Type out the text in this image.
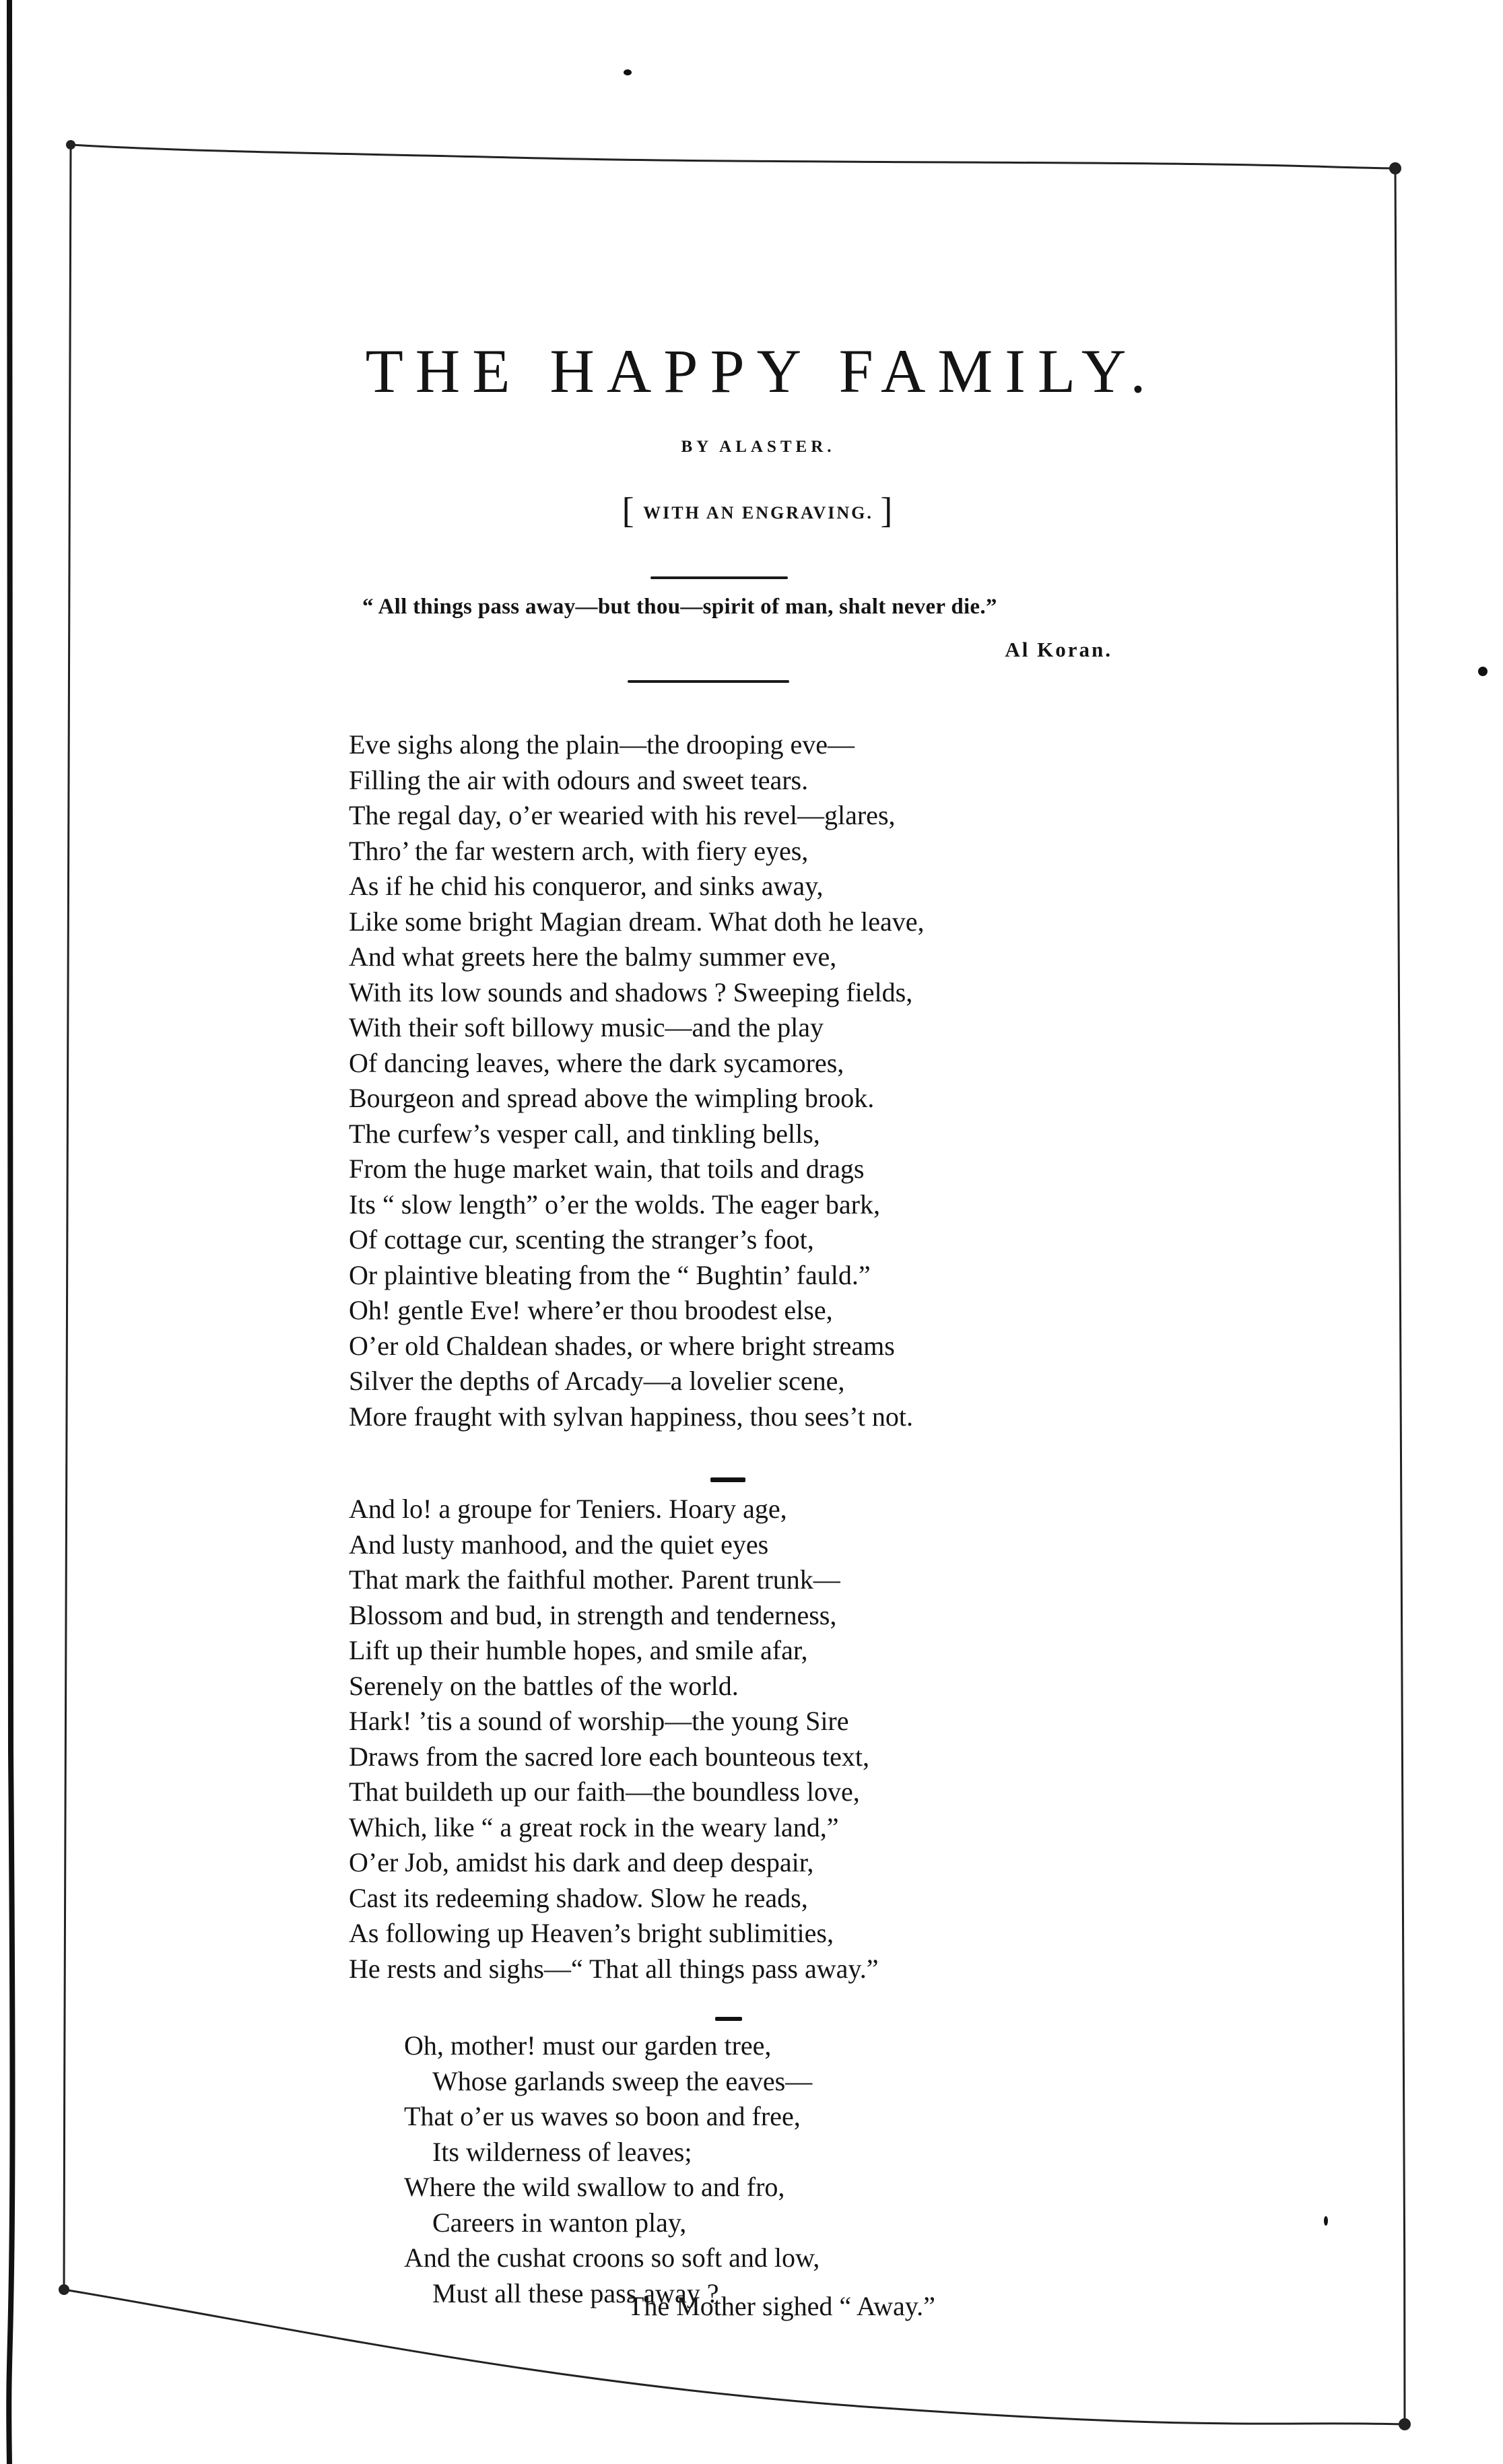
THE HAPPY FAMILY.
BY ALASTER.
[ WITH AN ENGRAVING. ]
“ All things pass away—but thou—spirit of man, shalt never die.”
Al Koran.
Eve sighs along the plain—the drooping eve—
Filling the air with odours and sweet tears.
The regal day, o’er wearied with his revel—glares,
Thro’ the far western arch, with fiery eyes,
As if he chid his conqueror, and sinks away,
Like some bright Magian dream. What doth he leave,
And what greets here the balmy summer eve,
With its low sounds and shadows ? Sweeping fields,
With their soft billowy music—and the play
Of dancing leaves, where the dark sycamores,
Bourgeon and spread above the wimpling brook.
The curfew’s vesper call, and tinkling bells,
From the huge market wain, that toils and drags
Its “ slow length” o’er the wolds. The eager bark,
Of cottage cur, scenting the stranger’s foot,
Or plaintive bleating from the “ Bughtin’ fauld.”
Oh! gentle Eve! where’er thou broodest else,
O’er old Chaldean shades, or where bright streams
Silver the depths of Arcady—a lovelier scene,
More fraught with sylvan happiness, thou sees’t not.
And lo! a groupe for Teniers. Hoary age,
And lusty manhood, and the quiet eyes
That mark the faithful mother. Parent trunk—
Blossom and bud, in strength and tenderness,
Lift up their humble hopes, and smile afar,
Serenely on the battles of the world.
Hark! ’tis a sound of worship—the young Sire
Draws from the sacred lore each bounteous text,
That buildeth up our faith—the boundless love,
Which, like “ a great rock in the weary land,”
O’er Job, amidst his dark and deep despair,
Cast its redeeming shadow. Slow he reads,
As following up Heaven’s bright sublimities,
He rests and sighs—“ That all things pass away.”
Oh, mother! must our garden tree,
Whose garlands sweep the eaves—
That o’er us waves so boon and free,
Its wilderness of leaves;
Where the wild swallow to and fro,
Careers in wanton play,
And the cushat croons so soft and low,
Must all these pass away ?
The Mother sighed “ Away.”
